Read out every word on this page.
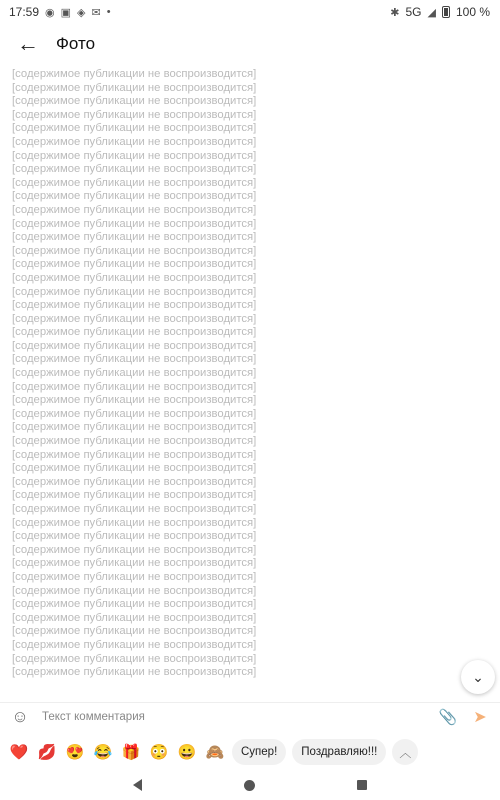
17:59 ◉ ▣ ◈ ✉ •	✱ 5G ◢ 100 %
← Фото
[содержимое публикации не воспроизводится]
[содержимое публикации не воспроизводится]
[содержимое публикации не воспроизводится]
[содержимое публикации не воспроизводится]
[содержимое публикации не воспроизводится]
[содержимое публикации не воспроизводится]
[содержимое публикации не воспроизводится]
[содержимое публикации не воспроизводится]
[содержимое публикации не воспроизводится]
[содержимое публикации не воспроизводится]
[содержимое публикации не воспроизводится]
[содержимое публикации не воспроизводится]
[содержимое публикации не воспроизводится]
[содержимое публикации не воспроизводится]
[содержимое публикации не воспроизводится]
[содержимое публикации не воспроизводится]
[содержимое публикации не воспроизводится]
[содержимое публикации не воспроизводится]
[содержимое публикации не воспроизводится]
[содержимое публикации не воспроизводится]
[содержимое публикации не воспроизводится]
[содержимое публикации не воспроизводится]
[содержимое публикации не воспроизводится]
[содержимое публикации не воспроизводится]
[содержимое публикации не воспроизводится]
[содержимое публикации не воспроизводится]
[содержимое публикации не воспроизводится]
[содержимое публикации не воспроизводится]
[содержимое публикации не воспроизводится]
[содержимое публикации не воспроизводится]
[содержимое публикации не воспроизводится]
[содержимое публикации не воспроизводится]
[содержимое публикации не воспроизводится]
[содержимое публикации не воспроизводится]
[содержимое публикации не воспроизводится]
[содержимое публикации не воспроизводится]
[содержимое публикации не воспроизводится]
[содержимое публикации не воспроизводится]
[содержимое публикации не воспроизводится]
[содержимое публикации не воспроизводится]
[содержимое публикации не воспроизводится]
[содержимое публикации не воспроизводится]
[содержимое публикации не воспроизводится]
[содержимое публикации не воспроизводится]
[содержимое публикации не воспроизводится]	⌄
☺
Текст комментария	📎 ➤
❤️ 💋 😍 😂 🎁 😳 😀 🙈	Супер!	Поздравляю!!!	︿
